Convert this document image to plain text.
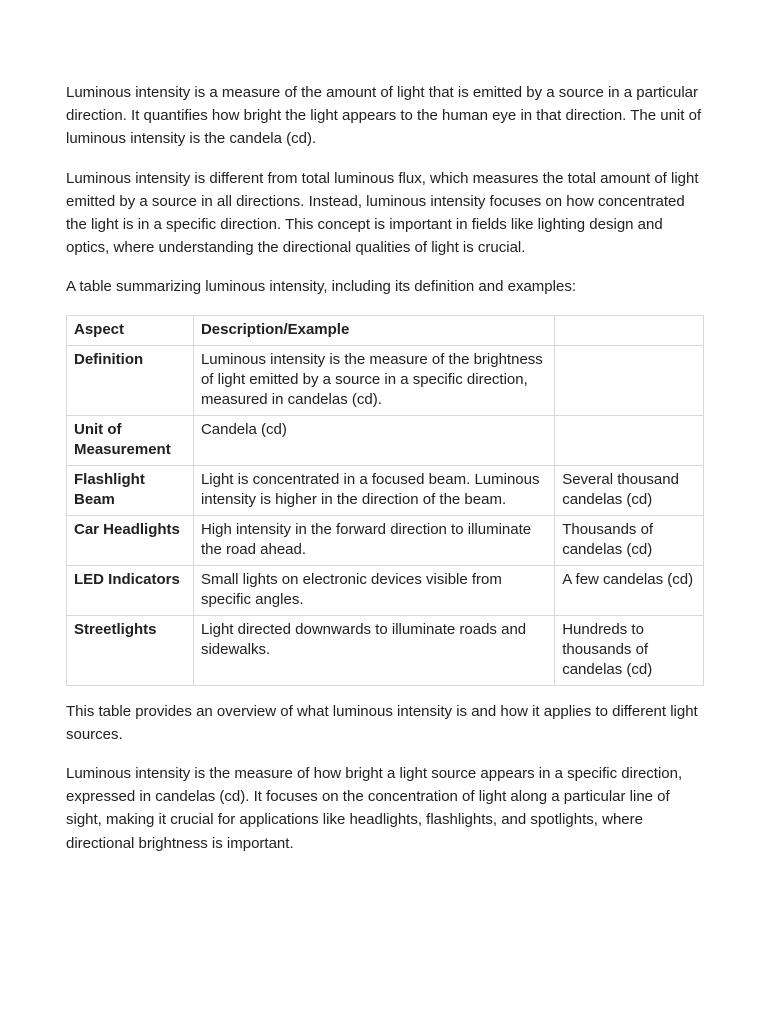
Luminous intensity is a measure of the amount of light that is emitted by a source in a particular direction. It quantifies how bright the light appears to the human eye in that direction. The unit of luminous intensity is the candela (cd).

Luminous intensity is different from total luminous flux, which measures the total amount of light emitted by a source in all directions. Instead, luminous intensity focuses on how concentrated the light is in a specific direction. This concept is important in fields like lighting design and optics, where understanding the directional qualities of light is crucial.

A table summarizing luminous intensity, including its definition and examples:

Aspect	Description/Example	
Definition	Luminous intensity is the measure of the brightness of light emitted by a source in a specific direction, measured in candelas (cd).	
Unit of Measurement	Candela (cd)	
Flashlight Beam	Light is concentrated in a focused beam. Luminous intensity is higher in the direction of the beam.	Several thousand candelas (cd)
Car Headlights	High intensity in the forward direction to illuminate the road ahead.	Thousands of candelas (cd)
LED Indicators	Small lights on electronic devices visible from specific angles.	A few candelas (cd)
Streetlights	Light directed downwards to illuminate roads and sidewalks.	Hundreds to thousands of candelas (cd)

This table provides an overview of what luminous intensity is and how it applies to different light sources.

Luminous intensity is the measure of how bright a light source appears in a specific direction, expressed in candelas (cd). It focuses on the concentration of light along a particular line of sight, making it crucial for applications like headlights, flashlights, and spotlights, where directional brightness is important.
